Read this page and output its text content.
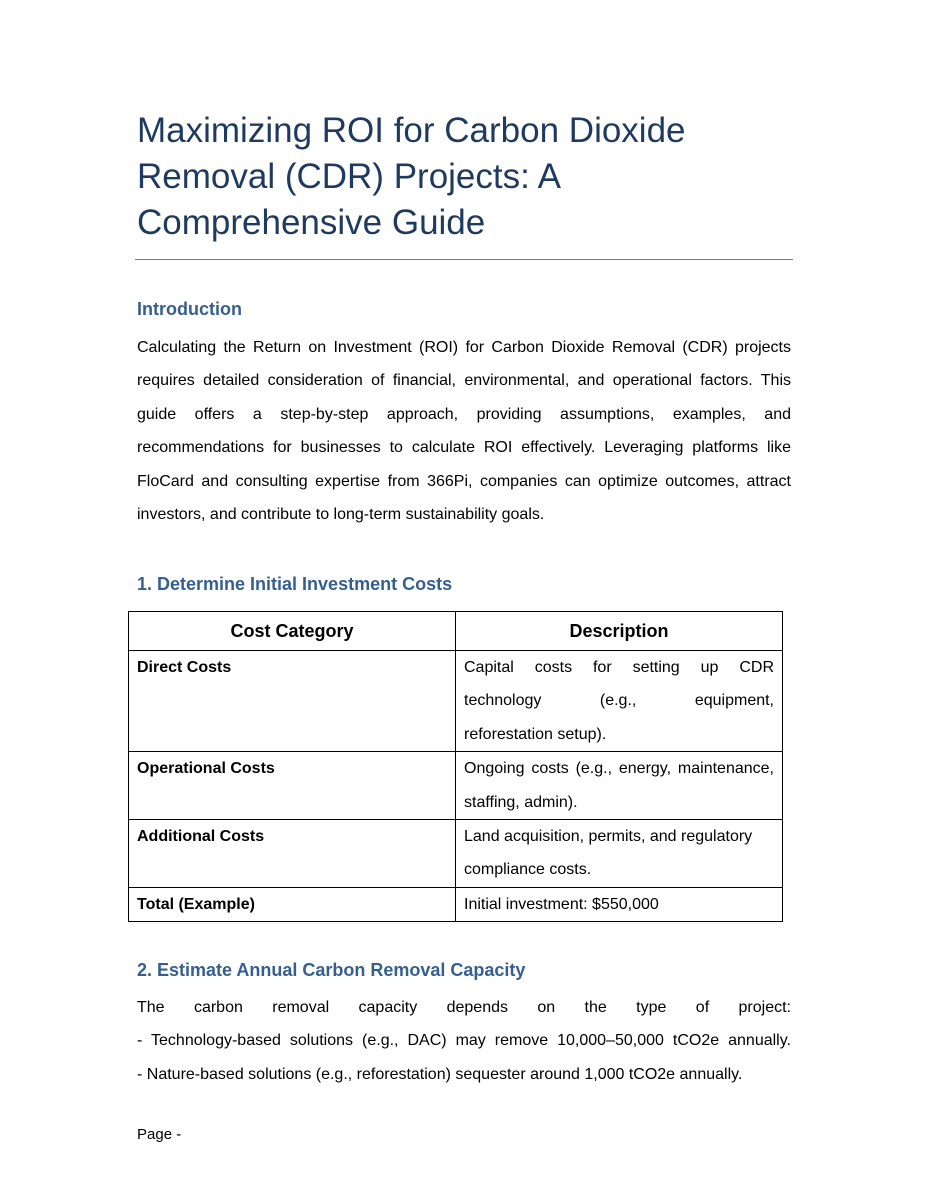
Maximizing ROI for Carbon Dioxide
Removal (CDR) Projects: A
Comprehensive Guide
Introduction
Calculating the Return on Investment (ROI) for Carbon Dioxide Removal (CDR) projects
requires detailed consideration of financial, environmental, and operational factors. This
guide offers a step-by-step approach, providing assumptions, examples, and
recommendations for businesses to calculate ROI effectively. Leveraging platforms like
FloCard and consulting expertise from 366Pi, companies can optimize outcomes, attract
investors, and contribute to long-term sustainability goals.
1. Determine Initial Investment Costs
Cost Category	Description
Direct Costs	Capital costs for setting up CDR
technology (e.g., equipment,
reforestation setup).

Operational Costs	Ongoing costs (e.g., energy, maintenance,
staffing, admin).

Additional Costs	Land acquisition, permits, and regulatory
compliance costs.

Total (Example)	Initial investment: $550,000
2. Estimate Annual Carbon Removal Capacity
The carbon removal capacity depends on the type of project:
- Technology-based solutions (e.g., DAC) may remove 10,000–50,000 tCO2e annually.
- Nature-based solutions (e.g., reforestation) sequester around 1,000 tCO2e annually.

Page -
